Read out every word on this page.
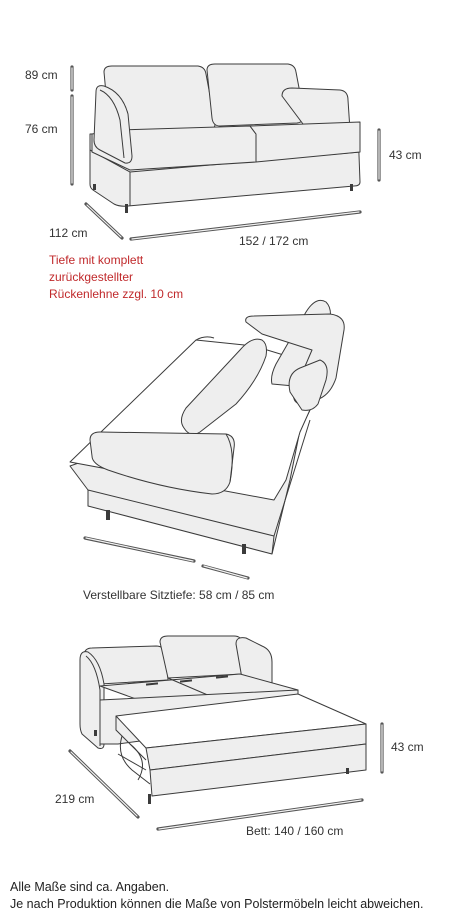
89 cm
76 cm
43 cm
112 cm
152 / 172 cm
Tiefe mit komplett
zurückgestellter
Rückenlehne zzgl. 10 cm
Verstellbare Sitztiefe: 58 cm / 85 cm
43 cm
219 cm
Bett: 140 / 160 cm
Alle Maße sind ca. Angaben.
Je nach Produktion können die Maße von Polstermöbeln leicht abweichen.
